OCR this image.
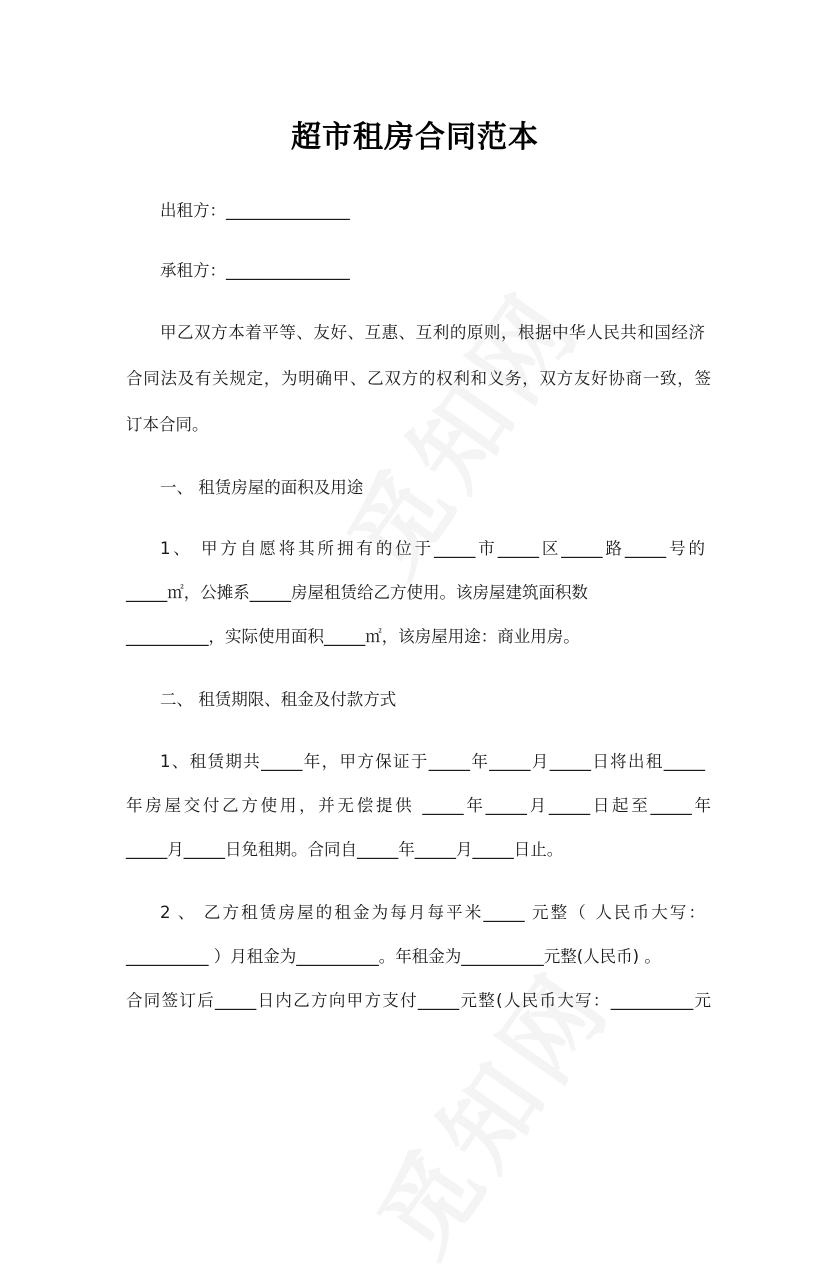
超市租房合同范本
出租方：_______________
承租方：_______________
甲乙双方本着平等、友好、互惠、互利的原则，根据中华人民共和国经济
合同法及有关规定，为明确甲、乙双方的权利和义务，双方友好协商一致，签
订本合同。
一、 租赁房屋的面积及用途
1、 甲方自愿将其所拥有的位于_____市_____区_____路_____号的
_____㎡，公摊系_____房屋租赁给乙方使用。该房屋建筑面积数
__________，实际使用面积_____㎡，该房屋用途：商业用房。
二、 租赁期限、租金及付款方式
1、租赁期共_____年，甲方保证于_____年_____月_____日将出租_____
年房屋交付乙方使用，并无偿提供 _____年_____月_____日起至_____年
_____月_____日免租期。合同自_____年_____月_____日止。
2 、 乙方租赁房屋的租金为每月每平米_____ 元整（ 人民币大写：
__________ ）月租金为__________。年租金为__________元整(人民币) 。
合同签订后_____日内乙方向甲方支付_____元整(人民币大写：__________元
